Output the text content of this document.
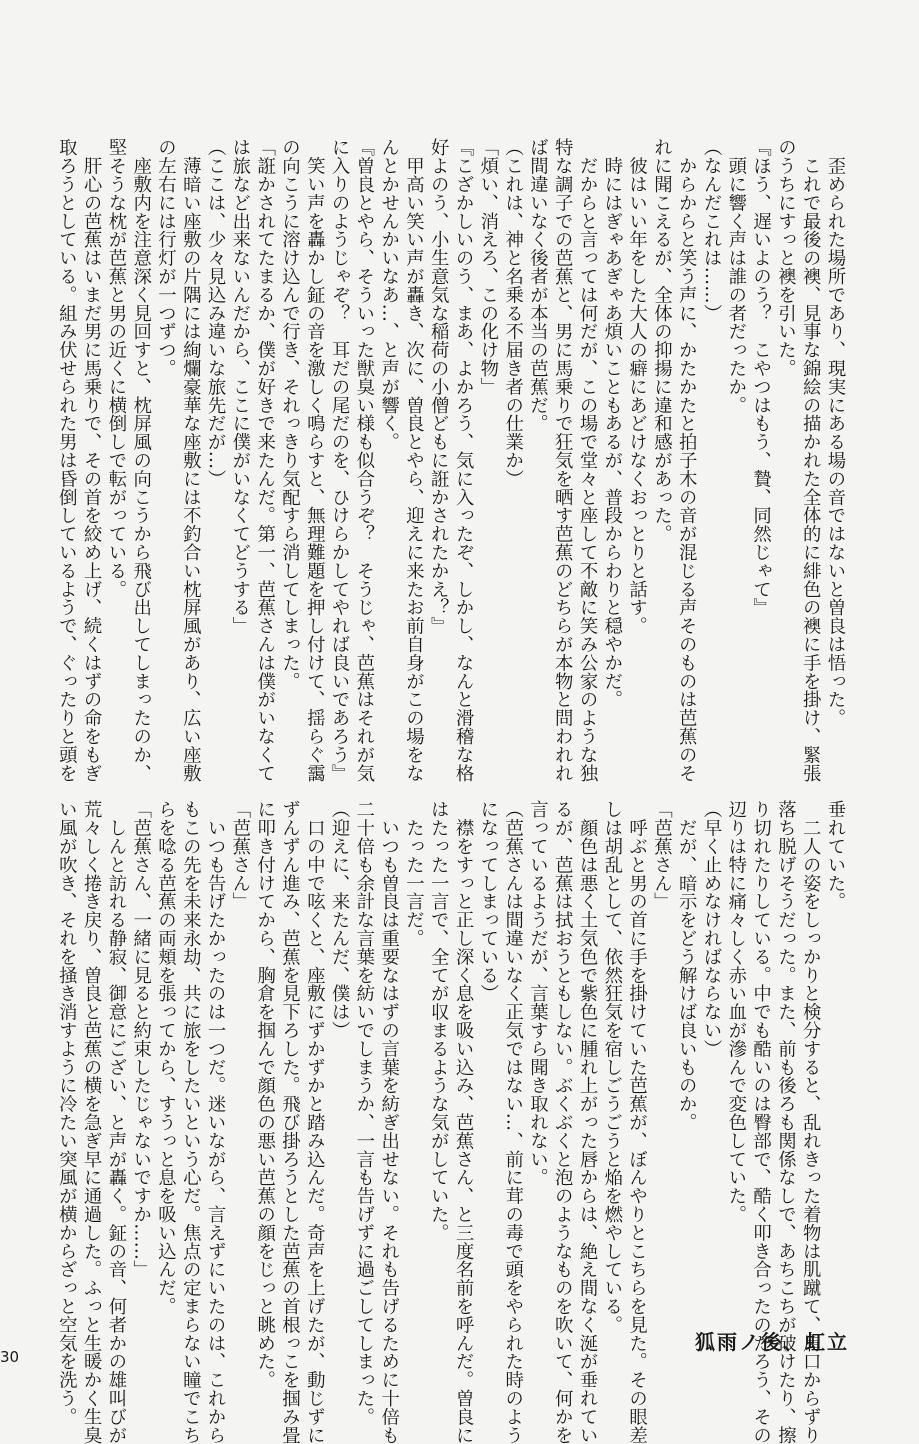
　歪められた場所であり、現実にある場の音ではないと曽良は悟った。
　これで最後の襖、見事な錦絵の描かれた全体的に緋色の襖に手を掛け、緊張
のうちにすっと襖を引いた。
『ほう、遅いよのう？　こやつはもう、贄、同然じゃて』
　頭に響く声は誰の者だったか。
（なんだこれは……）
　からからと笑う声に、かたかたと拍子木の音が混じる声そのものは芭蕉のそ
れに聞こえるが、全体の抑揚に違和感があった。
　彼はいい年をした大人の癖にあどけなくおっとりと話す。
　時にはぎゃあぎゃあ煩いこともあるが、普段からわりと穏やかだ。
　だからと言っては何だが、この場で堂々と座して不敵に笑み公家のような独
特な調子での芭蕉と、男に馬乗りで狂気を晒す芭蕉のどちらが本物と問われれ
ば間違いなく後者が本当の芭蕉だ。
（これは、神と名乗る不届き者の仕業か）
「煩い、消えろ、この化け物」
『こざかしいのう、まあ、よかろう、気に入ったぞ、しかし、なんと滑稽な格
好よのう、小生意気な稲荷の小僧どもに誑かされたかえ？』
　甲高い笑い声が轟き、次に、曽良とやら、迎えに来たお前自身がこの場をな
んとかせんかいなあ…、と声が響く。
『曽良とやら、そういった獣臭い様も似合うぞ？　そうじゃ、芭蕉はそれが気
に入りのようじゃぞ？　耳だの尾だのを、ひけらかしてやれば良いであろう』
　笑い声を轟かし鉦の音を激しく鳴らすと、無理難題を押し付けて、揺らぐ靄
の向こうに溶け込んで行き、それっきり気配すら消してしまった。
「誑かされてたまるか、僕が好きで来たんだ。第一、芭蕉さんは僕がいなくて
は旅など出来ないんだから、ここに僕がいなくてどうする」
（ここは、少々見込み違いな旅先だが…）
　薄暗い座敷の片隅には絢爛豪華な座敷には不釣合い枕屏風があり、広い座敷
の左右には行灯が一つずつ。
　座敷内を注意深く見回すと、枕屏風の向こうから飛び出してしまったのか、
堅そうな枕が芭蕉と男の近くに横倒しで転がっている。
　肝心の芭蕉はいまだ男に馬乗りで、その首を絞め上げ、続くはずの命をもぎ
取ろうとしている。組み伏せられた男は昏倒しているようで、ぐったりと頭を
垂れていた。
　二人の姿をしっかりと検分すると、乱れきった着物は肌蹴て、肩口からずり
落ち脱げそうだった。また、前も後ろも関係なしで、あちこちが破けたり、擦
り切れたりしている。中でも酷いのは臀部で、酷く叩き合ったのだろう、その
辺りは特に痛々しく赤い血が滲んで変色していた。
（早く止めなければならない）
　だが、暗示をどう解けば良いものか。
「芭蕉さん」
　呼ぶと男の首に手を掛けていた芭蕉が、ぼんやりとこちらを見た。その眼差
しは胡乱として、依然狂気を宿しごうごうと焔を燃やしている。
　顔色は悪く土気色で紫色に腫れ上がった唇からは、絶え間なく涎が垂れてい
るが、芭蕉は拭おうともしない。ぶくぶくと泡のようなものを吹いて、何かを
言っているようだが、言葉すら聞き取れない。
（芭蕉さんは間違いなく正気ではない…、前に茸の毒で頭をやられた時のよう
になってしまっている）
　襟をすっと正し深く息を吸い込み、芭蕉さん、と三度名前を呼んだ。曽良に
はたった一言で、全てが収まるような気がしていた。
　たった一言だ。
　いつも曽良は重要なはずの言葉を紡ぎ出せない。それも告げるために十倍も
二十倍も余計な言葉を紡いでしまうか、一言も告げずに過ごしてしまった。
（迎えに、来たんだ、僕は）
　口の中で呟くと、座敷にずかずかと踏み込んだ。奇声を上げたが、動じずに
ずんずん進み、芭蕉を見下ろした。飛び掛ろうとした芭蕉の首根っこを掴み畳
に叩き付けてから、胸倉を掴んで顔色の悪い芭蕉の顔をじっと眺めた。
「芭蕉さん」
　いつも告げたかったのは一つだ。迷いながら、言えずにいたのは、これから
もこの先を未来永劫、共に旅をしたいという心だ。焦点の定まらない瞳でこち
らを唸る芭蕉の両頬を張ってから、すうっと息を吸い込んだ。
「芭蕉さん、一緒に見ると約束したじゃないですか……」
　しんと訪れる静寂、御意にござい、と声が轟く。鉦の音、何者かの雄叫びが
荒々しく捲き戻り、曽良と芭蕉の横を急ぎ早に通過した。ふっと生暖かく生臭
い風が吹き、それを掻き消すように冷たい突風が横からざっと空気を洗う。	狐雨ノ後、虹立
30
